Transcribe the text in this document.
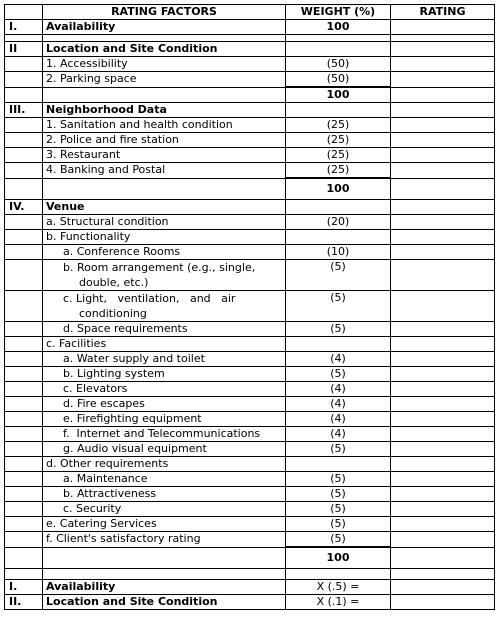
	RATING FACTORS	WEIGHT (%)	RATING
I.	Availability	100	

II	Location and Site Condition		
	1. Accessibility	(50)	
	2. Parking space	(50)	
		100	
III.	Neighborhood Data		
	1. Sanitation and health condition	(25)	
	2. Police and fire station	(25)	
	3. Restaurant	(25)	
	4. Banking and Postal	(25)	
		100	
IV.	Venue		
	a. Structural condition	(20)	
	b. Functionality		
	a. Conference Rooms	(10)	
	b. Room arrangement (e.g., single,
double, etc.)	(5)	
	c. Light,   ventilation,   and   air
conditioning	(5)	
	d. Space requirements	(5)	
	c. Facilities		
	a. Water supply and toilet	(4)	
	b. Lighting system	(5)	
	c. Elevators	(4)	
	d. Fire escapes	(4)	
	e. Firefighting equipment	(4)	
	f.  Internet and Telecommunications	(4)	
	g. Audio visual equipment	(5)	
	d. Other requirements		
	a. Maintenance	(5)	
	b. Attractiveness	(5)	
	c. Security	(5)	
	e. Catering Services	(5)	
	f. Client's satisfactory rating	(5)	
		100	

I.	Availability	X (.5) =	
II.	Location and Site Condition	X (.1) =	
